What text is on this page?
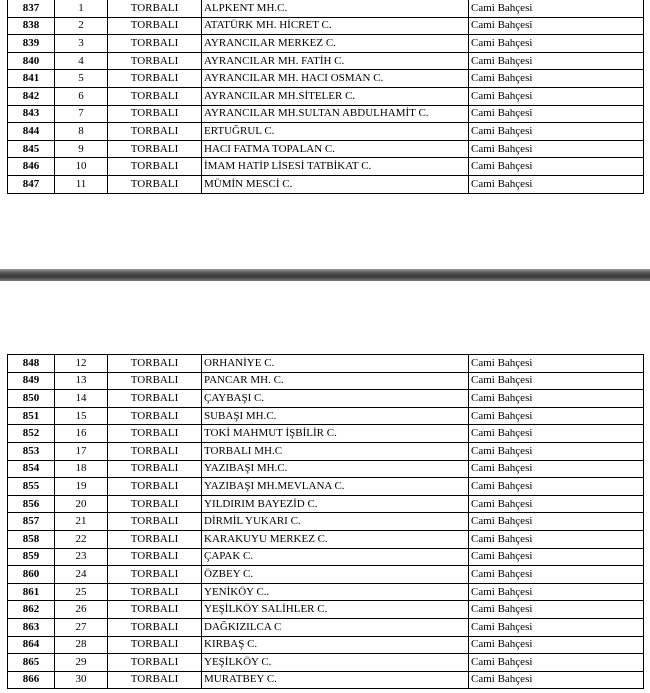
837	1	TORBALI	ALPKENT MH.C.	Cami Bahçesi
838	2	TORBALI	ATATÜRK MH. HİCRET C.	Cami Bahçesi
839	3	TORBALI	AYRANCILAR MERKEZ C.	Cami Bahçesi
840	4	TORBALI	AYRANCILAR MH. FATİH C.	Cami Bahçesi
841	5	TORBALI	AYRANCILAR MH. HACI OSMAN C.	Cami Bahçesi
842	6	TORBALI	AYRANCILAR MH.SİTELER C.	Cami Bahçesi
843	7	TORBALI	AYRANCILAR MH.SULTAN ABDULHAMİT C.	Cami Bahçesi
844	8	TORBALI	ERTUĞRUL C.	Cami Bahçesi
845	9	TORBALI	HACI FATMA TOPALAN C.	Cami Bahçesi
846	10	TORBALI	İMAM HATİP LİSESİ TATBİKAT C.	Cami Bahçesi
847	11	TORBALI	MÜMİN MESCİ C.	Cami Bahçesi
848	12	TORBALI	ORHANİYE C.	Cami Bahçesi
849	13	TORBALI	PANCAR MH. C.	Cami Bahçesi
850	14	TORBALI	ÇAYBAŞI C.	Cami Bahçesi
851	15	TORBALI	SUBAŞI MH.C.	Cami Bahçesi
852	16	TORBALI	TOKİ MAHMUT İŞBİLİR C.	Cami Bahçesi
853	17	TORBALI	TORBALI MH.C	Cami Bahçesi
854	18	TORBALI	YAZIBAŞI MH.C.	Cami Bahçesi
855	19	TORBALI	YAZIBAŞI MH.MEVLANA C.	Cami Bahçesi
856	20	TORBALI	YILDIRIM BAYEZİD C.	Cami Bahçesi
857	21	TORBALI	DİRMİL YUKARI C.	Cami Bahçesi
858	22	TORBALI	KARAKUYU MERKEZ C.	Cami Bahçesi
859	23	TORBALI	ÇAPAK C.	Cami Bahçesi
860	24	TORBALI	ÖZBEY C.	Cami Bahçesi
861	25	TORBALI	YENİKÖY C..	Cami Bahçesi
862	26	TORBALI	YEŞİLKÖY SALİHLER C.	Cami Bahçesi
863	27	TORBALI	DAĞKIZILCA C	Cami Bahçesi
864	28	TORBALI	KIRBAŞ C.	Cami Bahçesi
865	29	TORBALI	YEŞİLKÖY C.	Cami Bahçesi
866	30	TORBALI	MURATBEY C.	Cami Bahçesi
